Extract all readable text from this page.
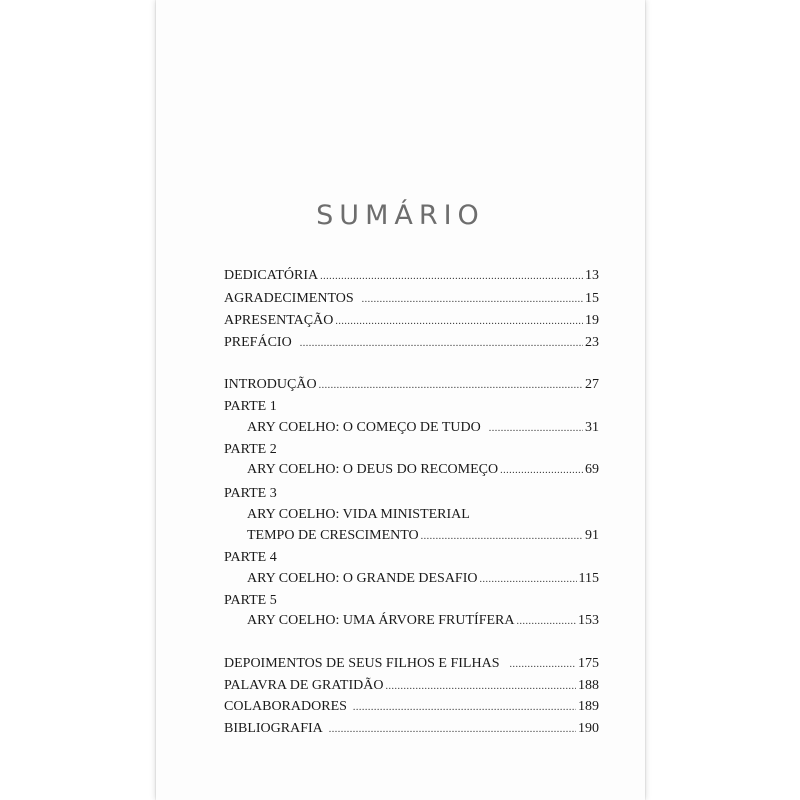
SUMÁRIO
DEDICATÓRIA .....	13
AGRADECIMENTOS .....	15
APRESENTAÇÃO .....	19
PREFÁCIO .....	23
INTRODUÇÃO .....	27
PARTE 1
ARY COELHO: O COMEÇO DE TUDO .....	31
PARTE 2
ARY COELHO: O DEUS DO RECOMEÇO .....	69
PARTE 3
ARY COELHO: VIDA MINISTERIAL
TEMPO DE CRESCIMENTO .....	91
PARTE 4
ARY COELHO: O GRANDE DESAFIO .....	115
PARTE 5
ARY COELHO: UMA ÁRVORE FRUTÍFERA .....	153
DEPOIMENTOS DE SEUS FILHOS E FILHAS .....	175
PALAVRA DE GRATIDÃO .....	188
COLABORADORES .....	189
BIBLIOGRAFIA .....	190
